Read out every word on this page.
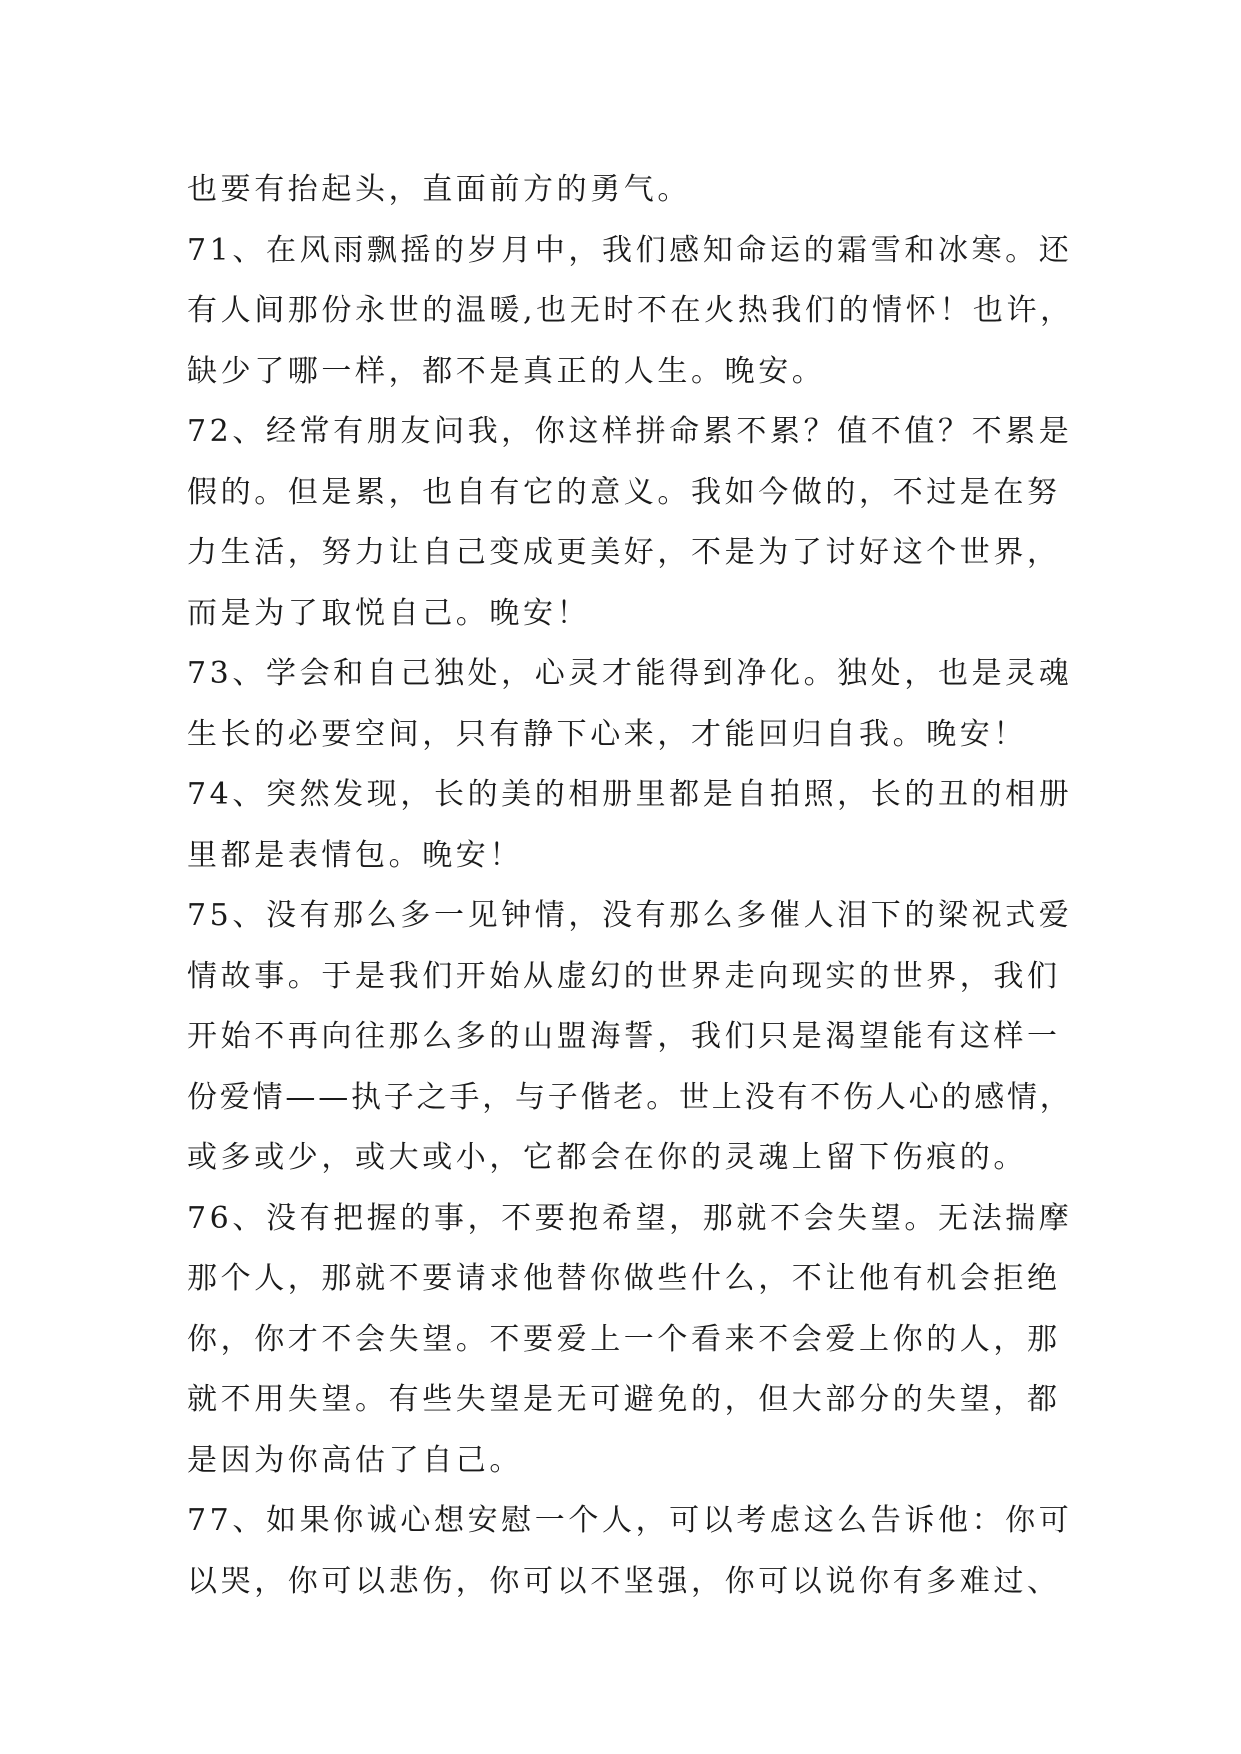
也要有抬起头，直面前方的勇气。
71、在风雨飘摇的岁月中，我们感知命运的霜雪和冰寒。还
有人间那份永世的温暖,也无时不在火热我们的情怀！也许，
缺少了哪一样，都不是真正的人生。晚安。
72、经常有朋友问我，你这样拼命累不累？值不值？不累是
假的。但是累，也自有它的意义。我如今做的，不过是在努
力生活，努力让自己变成更美好，不是为了讨好这个世界，
而是为了取悦自己。晚安！
73、学会和自己独处，心灵才能得到净化。独处，也是灵魂
生长的必要空间，只有静下心来，才能回归自我。晚安！
74、突然发现，长的美的相册里都是自拍照，长的丑的相册
里都是表情包。晚安！
75、没有那么多一见钟情，没有那么多催人泪下的梁祝式爱
情故事。于是我们开始从虚幻的世界走向现实的世界，我们
开始不再向往那么多的山盟海誓，我们只是渴望能有这样一
份爱情——执子之手，与子偕老。世上没有不伤人心的感情，
或多或少，或大或小，它都会在你的灵魂上留下伤痕的。
76、没有把握的事，不要抱希望，那就不会失望。无法揣摩
那个人，那就不要请求他替你做些什么，不让他有机会拒绝
你，你才不会失望。不要爱上一个看来不会爱上你的人，那
就不用失望。有些失望是无可避免的，但大部分的失望，都
是因为你高估了自己。
77、如果你诚心想安慰一个人，可以考虑这么告诉他：你可
以哭，你可以悲伤，你可以不坚强，你可以说你有多难过、
